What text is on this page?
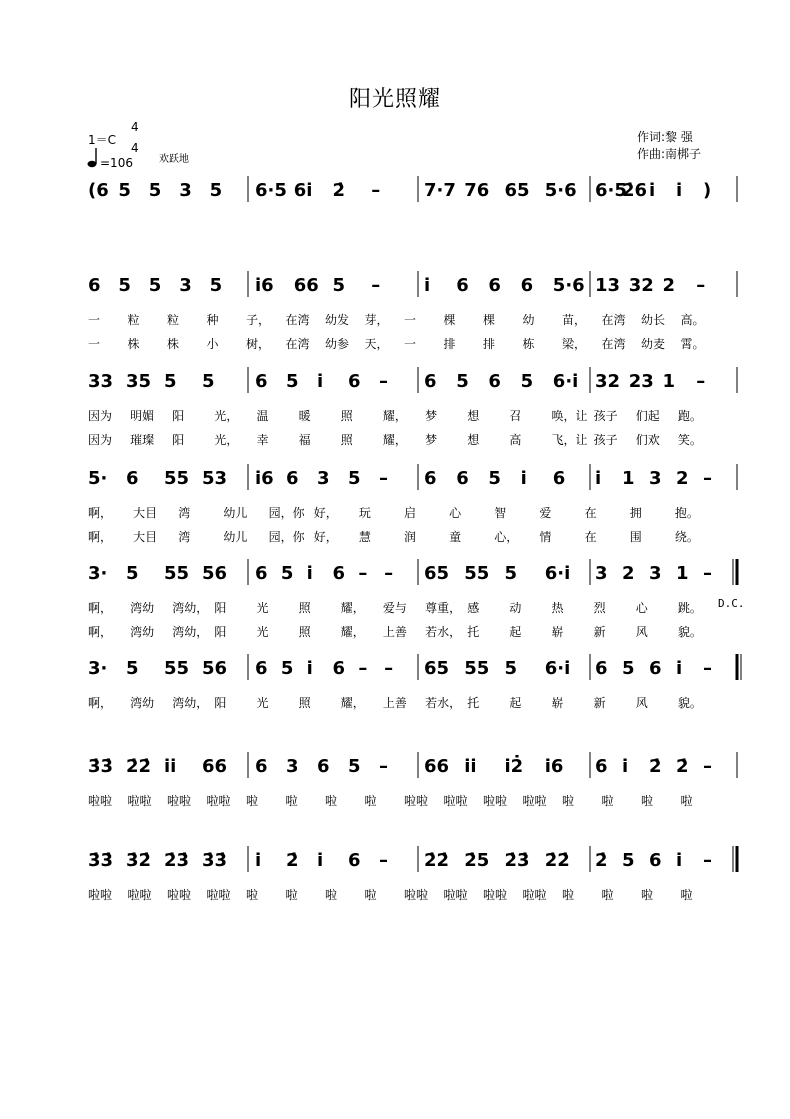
阳光照耀
1＝C
4
4
=106	欢跃地
作词:黎 强
作曲:南梆子
(6 5 5 3 5 6·5 6i 2̇ – 7·7 76 65 5·6 6·5
2̇6 i i )
6 5 5 3 5 i6 66 5 – i 6 6 6 5·6 13 32 2 –
一 粒 粒 种 子， 在湾 幼发 芽， 一 棵 棵 幼 苗， 在湾 幼长 高。
一 株 株 小 树， 在湾 幼参 天， 一 排 排 栋 梁， 在湾 幼麦 霄。
33 35 5 5 6 5 i 6 – 6 5 6 5 6·i 32 23 1 –
因为 明媚 阳	光， 温	暖	照	耀， 梦	想	召	唤，让 孩子 们起 跑。
因为 璀璨 阳	光， 幸	福	照	耀， 梦	想	高	飞，让 孩子 们欢 笑。
5· 6 55 53 i6 6 3 5 – 6 6 5 i 6 i 1 3 2 –
啊， 大目 湾	幼儿 园，你 好， 玩	启	心	智	爱	在	拥	抱。
啊， 大目 湾	幼儿 园，你 好， 慧	润	童	心， 情	在	围	绕。
3· 5 55 56 6 5 i 6 – – 65 55 5 6·i 3 2 3 1 –
啊， 湾幼 湾幼， 阳	光	照	耀， 爱与 尊重， 感	动	热	烈	心	跳。
啊， 湾幼 湾幼， 阳	光	照	耀， 上善 若水， 托	起	崭	新	风	貌。
D.C.
3· 5 55 56 6 5 i 6 – – 65 55 5 6·i 6 5 6 i –
啊， 湾幼 湾幼， 阳	光	照	耀， 上善 若水， 托	起	崭	新	风	貌。
3̇3̇ 2̇2̇ ii 66 6 3 6 5 – 66 ii i2̇ i6 6 i 2̇ 2̇ –
啦啦 啦啦 啦啦 啦啦 啦 啦 啦 啦 啦啦 啦啦 啦啦 啦啦 啦 啦 啦 啦
3̇3̇ 3̇2̇ 2̇3̇ 3̇3̇ i 2̇ i 6 – 2̇2̇ 2̇5 2̇3̇ 2̇2̇ 2̇ 5 6 i –
啦啦 啦啦 啦啦 啦啦 啦 啦 啦 啦 啦啦 啦啦 啦啦 啦啦 啦 啦 啦 啦
